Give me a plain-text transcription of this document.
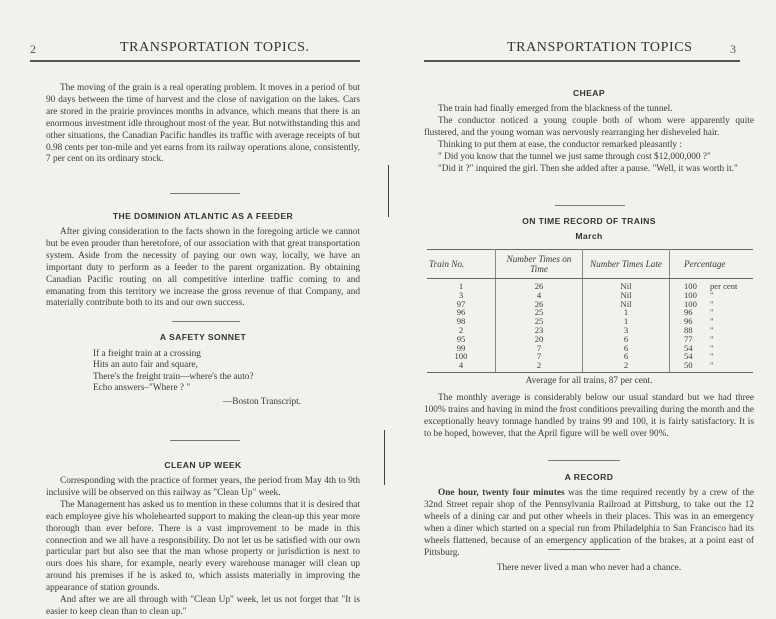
2	TRANSPORTATION TOPICS.

The moving of the grain is a real operating problem. It moves in a period of but 90 days between the time of harvest and the close of navigation on the lakes. Cars are stored in the prairie provinces months in advance, which means that there is an enormous investment idle throughout most of the year. But notwithstanding this and other situations, the Canadian Pacific handles its traffic with average receipts of but 0.98 cents per ton-mile and yet earns from its railway operations alone, consistently, 7 per cent on its ordinary stock.

THE DOMINION ATLANTIC AS A FEEDER

After giving consideration to the facts shown in the foregoing article we cannot but be even prouder than heretofore, of our association with that great transportation system. Aside from the necessity of paying our own way, locally, we have an important duty to perform as a feeder to the parent organization. By obtaining Canadian Pacific routing on all competitive interline traffic coming to and emanating from this territory we increase the gross revenue of that Company, and materially contribute both to its and our own success.

A SAFETY SONNET
If a freight train at a crossing
Hits an auto fair and square,
There's the freight train—where's the auto?
Echo answers–"Where ? "
—Boston Transcript.
CLEAN UP WEEK

Corresponding with the practice of former years, the period from May 4th to 9th inclusive will be observed on this railway as "Clean Up" week.

The Management has asked us to mention in these columns that it is desired that each employee give his wholehearted support to making the clean-up this year more thorough than ever before. There is a vast improvement to be made in this connection and we all have a responsibility. Do not let us be satisfied with our own particular part but also see that the man whose property or jurisdiction is next to ours does his share, for example, nearly every warehouse manager will clean up around his premises if he is asked to, which assists materially in improving the appearance of station grounds.

And after we are all through with "Clean Up" week, let us not forget that "It is easier to keep clean than to clean up."

TRANSPORTATION TOPICS	3
CHEAP

The train had finally emerged from the blackness of the tunnel.

The conductor noticed a young couple both of whom were apparently quite flustered, and the young woman was nervously rearranging her disheveled hair.

Thinking to put them at ease, the conductor remarked pleasantly :

" Did you know that the tunnel we just same through cost $12,000,000 ?"

"Did it ?" inquired the girl. Then she added after a pause. "Well, it was worth it."

ON TIME RECORD OF TRAINS
March
Train No.	Number Times on Time	Number Times Late	Percentage
1	26	Nil	100 per cent
3	4	Nil	100 "
97	26	Nil	100 "
96	25	1	96 "
98	25	1	96 "
2	23	3	88 "
95	20	6	77 "
99	7	6	54 "
100	7	6	54 "
4	2	2	50 "
Average for all trains, 87 per cent.

The monthly average is considerably below our usual standard but we had three 100% trains and having in mind the frost conditions prevailing during the month and the exceptionally heavy tonnage handled by trains 99 and 100, it is fairly satisfactory. It is to be hoped, however, that the April figure will be well over 90%.

A RECORD

One hour, twenty four minutes was the time required recently by a crew of the 32nd Street repair shop of the Pennsylvania Railroad at Pittsburg, to take out the 12 wheels of a dining car and put other wheels in their places. This was in an emergency when a diner which started on a special run from Philadelphia to San Francisco had its wheels flattened, because of an emergency application of the brakes, at a point east of Pittsburg.

There never lived a man who never had a chance.
